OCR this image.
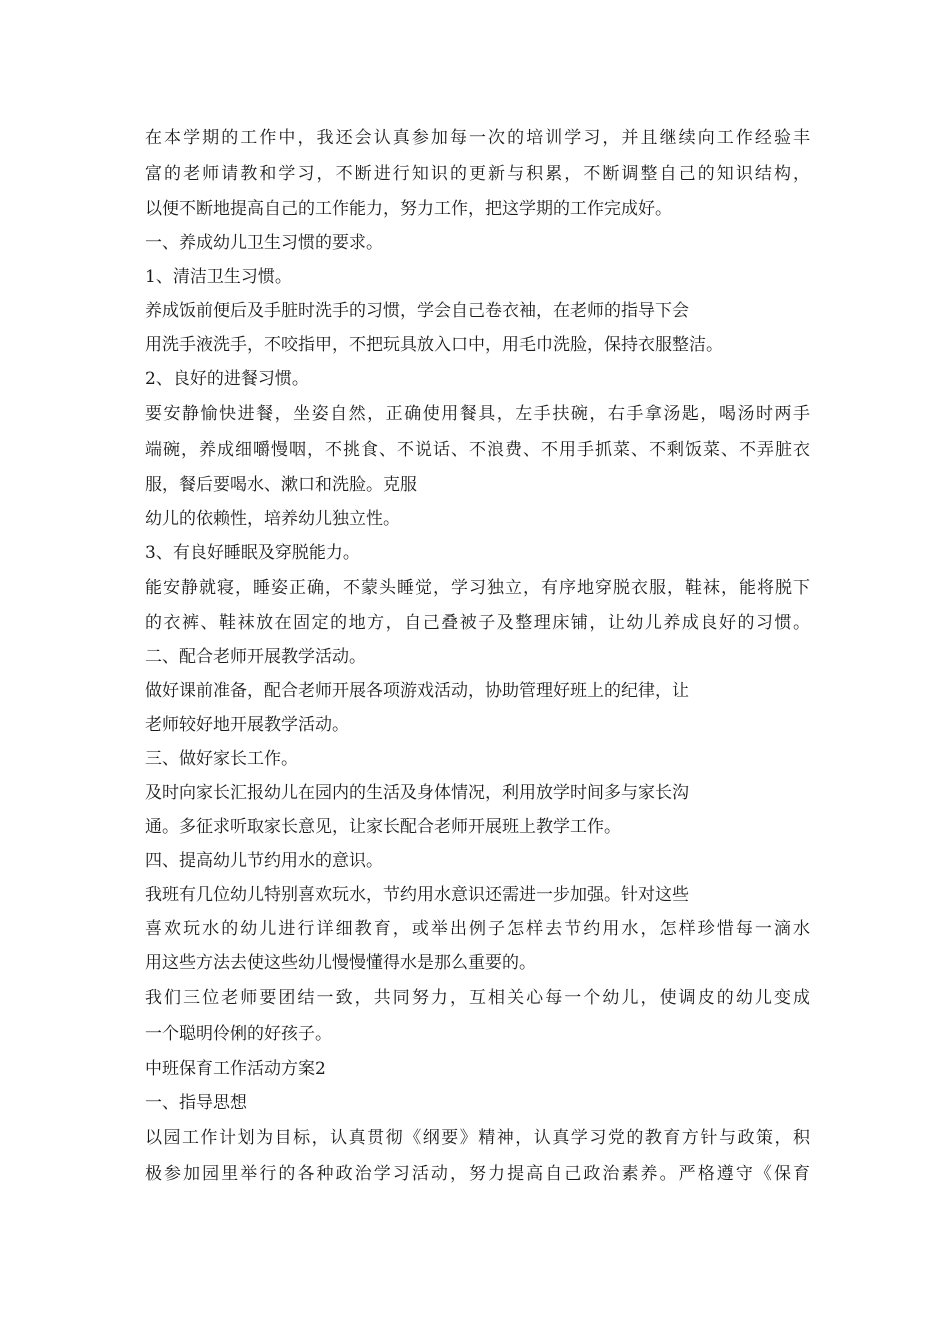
在本学期的工作中，我还会认真参加每一次的培训学习，并且继续向工作经验丰
富的老师请教和学习，不断进行知识的更新与积累，不断调整自己的知识结构，
以便不断地提高自己的工作能力，努力工作，把这学期的工作完成好。
一、养成幼儿卫生习惯的要求。
1、清洁卫生习惯。
养成饭前便后及手脏时洗手的习惯，学会自己卷衣袖，在老师的指导下会
用洗手液洗手，不咬指甲，不把玩具放入口中，用毛巾洗脸，保持衣服整洁。
2、良好的进餐习惯。
要安静愉快进餐，坐姿自然，正确使用餐具，左手扶碗，右手拿汤匙，喝汤时两手
端碗，养成细嚼慢咽，不挑食、不说话、不浪费、不用手抓菜、不剩饭菜、不弄脏衣
服，餐后要喝水、漱口和洗脸。克服
幼儿的依赖性，培养幼儿独立性。
3、有良好睡眠及穿脱能力。
能安静就寝，睡姿正确，不蒙头睡觉，学习独立，有序地穿脱衣服，鞋袜，能将脱下
的衣裤、鞋袜放在固定的地方，自己叠被子及整理床铺，让幼儿养成良好的习惯。
二、配合老师开展教学活动。
做好课前准备，配合老师开展各项游戏活动，协助管理好班上的纪律，让
老师较好地开展教学活动。
三、做好家长工作。
及时向家长汇报幼儿在园内的生活及身体情况，利用放学时间多与家长沟
通。多征求听取家长意见，让家长配合老师开展班上教学工作。
四、提高幼儿节约用水的意识。
我班有几位幼儿特别喜欢玩水，节约用水意识还需进一步加强。针对这些
喜欢玩水的幼儿进行详细教育，或举出例子怎样去节约用水，怎样珍惜每一滴水
用这些方法去使这些幼儿慢慢懂得水是那么重要的。
我们三位老师要团结一致，共同努力，互相关心每一个幼儿，使调皮的幼儿变成
一个聪明伶俐的好孩子。
中班保育工作活动方案2
一、指导思想
以园工作计划为目标，认真贯彻《纲要》精神，认真学习党的教育方针与政策，积
极参加园里举行的各种政治学习活动，努力提高自己政治素养。严格遵守《保育
